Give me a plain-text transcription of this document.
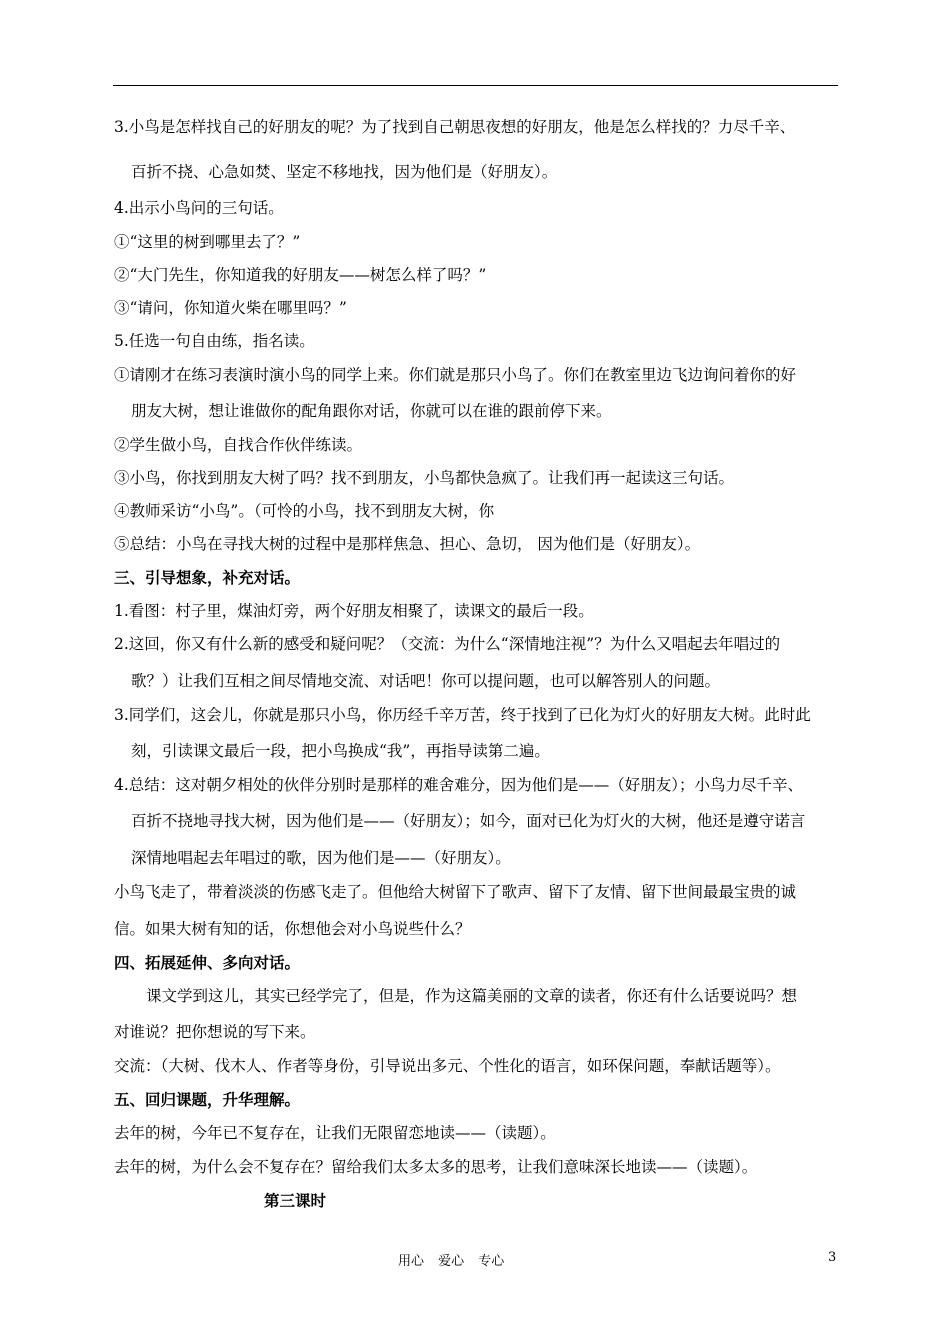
3.小鸟是怎样找自己的好朋友的呢？为了找到自己朝思夜想的好朋友，他是怎么样找的？力尽千辛、
百折不挠、心急如焚、坚定不移地找，因为他们是（好朋友）。
4.出示小鸟问的三句话。
①“这里的树到哪里去了？”
②“大门先生，你知道我的好朋友——树怎么样了吗？”
③“请问，你知道火柴在哪里吗？”
5.任选一句自由练，指名读。
①请刚才在练习表演时演小鸟的同学上来。你们就是那只小鸟了。你们在教室里边飞边询问着你的好
朋友大树，想让谁做你的配角跟你对话，你就可以在谁的跟前停下来。
②学生做小鸟，自找合作伙伴练读。
③小鸟，你找到朋友大树了吗？找不到朋友，小鸟都快急疯了。让我们再一起读这三句话。
④教师采访“小鸟”。（可怜的小鸟，找不到朋友大树，你
⑤总结：小鸟在寻找大树的过程中是那样焦急、担心、急切， 因为他们是（好朋友）。
三、引导想象，补充对话。
1.看图：村子里，煤油灯旁，两个好朋友相聚了，读课文的最后一段。
2.这回，你又有什么新的感受和疑问呢？（交流：为什么“深情地注视”？为什么又唱起去年唱过的
歌？）让我们互相之间尽情地交流、对话吧！你可以提问题，也可以解答别人的问题。
3.同学们，这会儿，你就是那只小鸟，你历经千辛万苦，终于找到了已化为灯火的好朋友大树。此时此
刻，引读课文最后一段，把小鸟换成“我”，再指导读第二遍。
4.总结：这对朝夕相处的伙伴分别时是那样的难舍难分，因为他们是——（好朋友）；小鸟力尽千辛、
百折不挠地寻找大树，因为他们是——（好朋友）；如今，面对已化为灯火的大树，他还是遵守诺言
深情地唱起去年唱过的歌，因为他们是——（好朋友）。
小鸟飞走了，带着淡淡的伤感飞走了。但他给大树留下了歌声、留下了友情、留下世间最最宝贵的诚
信。如果大树有知的话，你想他会对小鸟说些什么？
四、拓展延伸、多向对话。
课文学到这儿，其实已经学完了，但是，作为这篇美丽的文章的读者，你还有什么话要说吗？想
对谁说？把你想说的写下来。
交流：（大树、伐木人、作者等身份，引导说出多元、个性化的语言，如环保问题，奉献话题等）。
五、回归课题，升华理解。
去年的树，今年已不复存在，让我们无限留恋地读——（读题）。
去年的树，为什么会不复存在？留给我们太多太多的思考，让我们意味深长地读——（读题）。
第三课时
用心 爱心 专心	3
